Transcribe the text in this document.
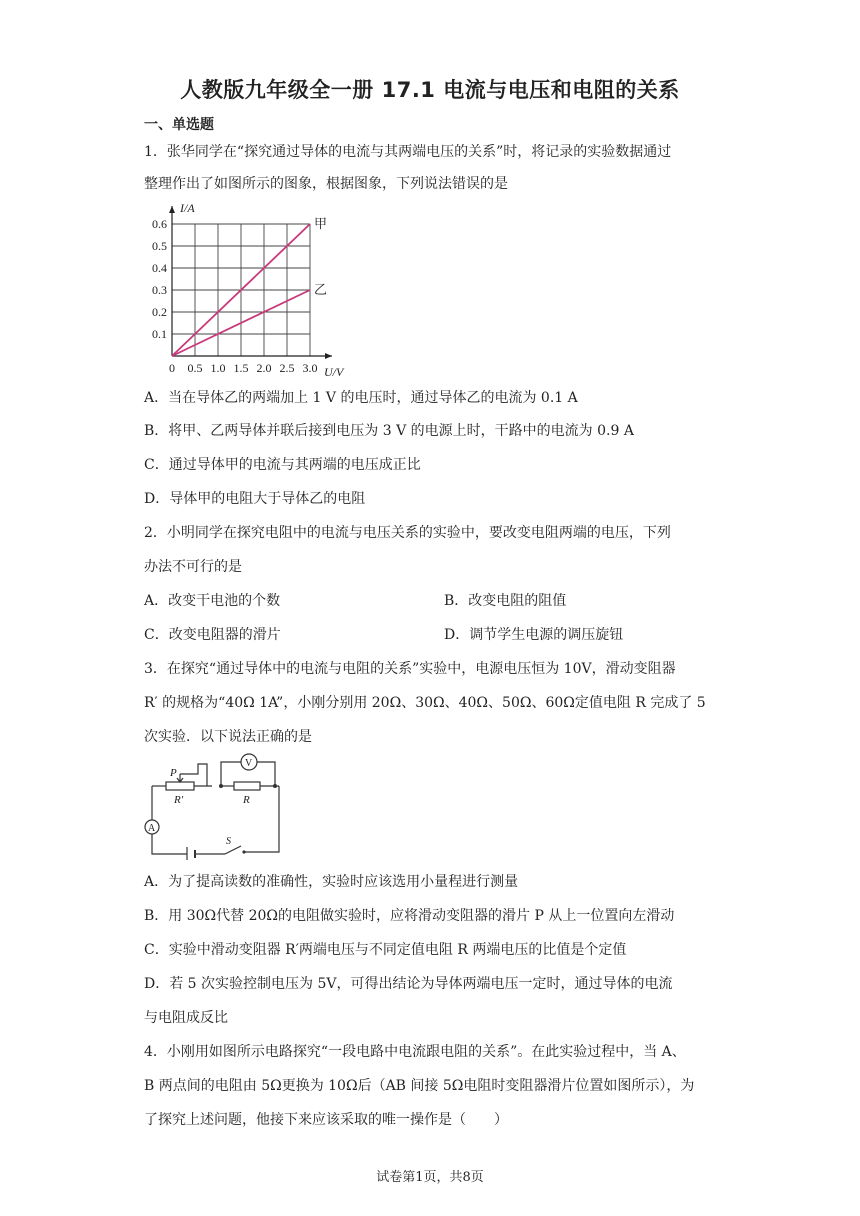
人教版九年级全一册 17.1 电流与电压和电阻的关系
一、单选题
1．张华同学在“探究通过导体的电流与其两端电压的关系”时，将记录的实验数据通过
整理作出了如图所示的图象，根据图象，下列说法错误的是
甲
乙
0 0.5 1.0 1.5 2.0 2.5 3.0
0.1
0.2
0.3
0.4
0.5
0.6
U/V
I/A
A．当在导体乙的两端加上 1 V 的电压时，通过导体乙的电流为 0.1 A
B．将甲、乙两导体并联后接到电压为 3 V 的电源上时，干路中的电流为 0.9 A
C．通过导体甲的电流与其两端的电压成正比
D．导体甲的电阻大于导体乙的电阻
2．小明同学在探究电阻中的电流与电压关系的实验中，要改变电阻两端的电压，下列
办法不可行的是
A．改变干电池的个数	B．改变电阻的阻值
C．改变电阻器的滑片	D．调节学生电源的调压旋钮
3．在探究“通过导体中的电流与电阻的关系”实验中，电源电压恒为 10V，滑动变阻器
R′ 的规格为“40Ω 1A”，小刚分别用 20Ω、30Ω、40Ω、50Ω、60Ω定值电阻 R 完成了 5
次实验．以下说法正确的是
P
R′	R
V
A
S
A．为了提高读数的准确性，实验时应该选用小量程进行测量
B．用 30Ω代替 20Ω的电阻做实验时，应将滑动变阻器的滑片 P 从上一位置向左滑动
C．实验中滑动变阻器 R′两端电压与不同定值电阻 R 两端电压的比值是个定值
D．若 5 次实验控制电压为 5V，可得出结论为导体两端电压一定时，通过导体的电流
与电阻成反比
4．小刚用如图所示电路探究“一段电路中电流跟电阻的关系”。在此实验过程中，当 A、
B 两点间的电阻由 5Ω更换为 10Ω后（AB 间接 5Ω电阻时变阻器滑片位置如图所示），为
了探究上述问题，他接下来应该采取的唯一操作是（　　）
试卷第1页，共8页
